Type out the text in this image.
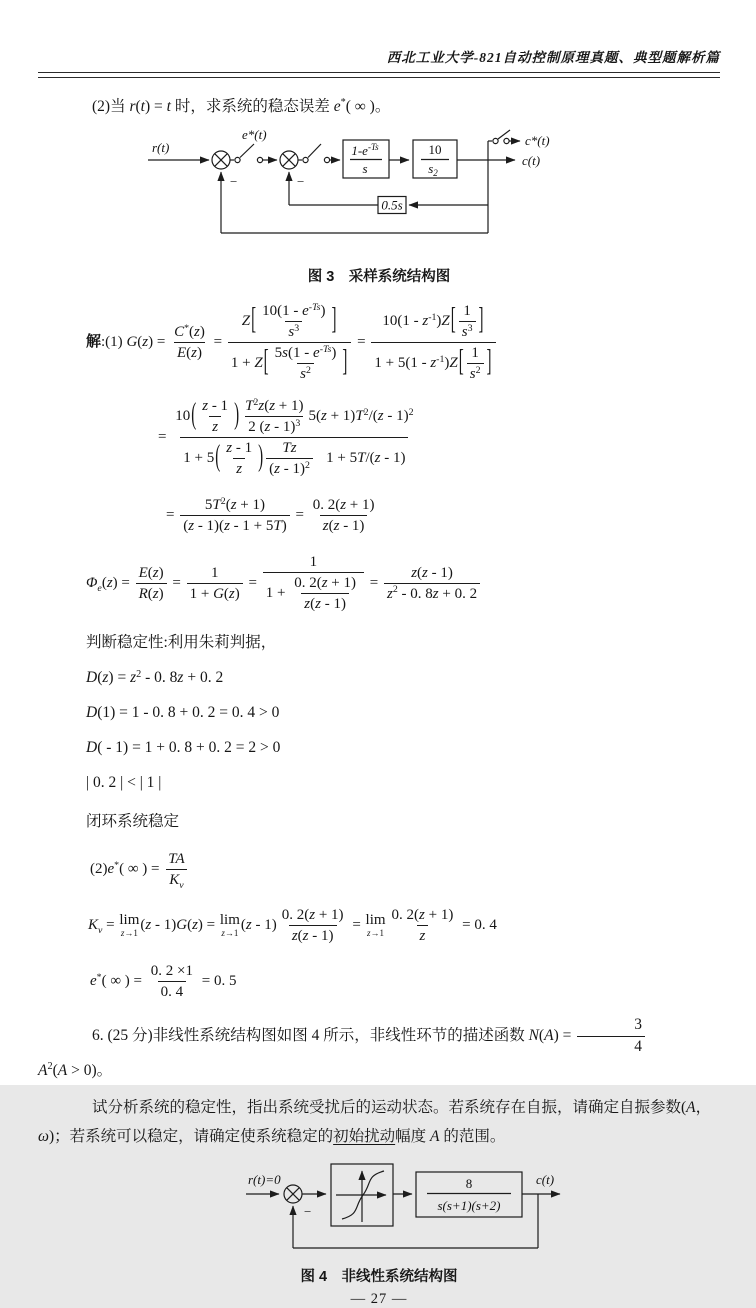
西北工业大学-821自动控制原理真题、典型题解析篇
(2)当 r(t) = t 时，求系统的稳态误差 e*( ∞ )。
r(t)
−
e*(t)
−
$1-e^{-Ts}$
s
10
$s_2$
c(t)
c*(t)
0.5s
图 3　采样系统结构图
解:(1) $G(z) = \frac{C^*(z)}{E(z)} = \frac{Z[ \frac{10(1 - e^{-Ts})}{s^3} ]}{1 + Z[ \frac{5s(1 - e^{-Ts})}{s^2} ]} = \frac{10(1 - z^{-1})Z[ \frac{1}{s^3} ]}{1 + 5(1 - z^{-1})Z[ \frac{1}{s^2} ]}$
= $\frac{10( \frac{z - 1}{z} ) \frac{T^2z(z + 1)}{2 (z - 1)^3} 5(z + 1)T^2/(z - 1)^2}{1 + 5( \frac{z - 1}{z} ) \frac{Tz}{(z - 1)^2} 1 + 5T/(z - 1)}$
= $\frac{5T^2(z + 1)}{(z - 1)(z - 1 + 5T)} = \frac{0. 2(z + 1)}{z(z - 1)}$
$\Phi_e(z) = \frac{E(z)}{R(z)} = \frac{1}{1 + G(z)} = \frac{1}{1 + \frac{0. 2(z + 1)}{z(z - 1)}} = \frac{z(z - 1)}{z^2 - 0. 8z + 0. 2}$
判断稳定性:利用朱莉判据，
$D(z) = z^2 - 0$. 8z + 0. 2
D(1) = 1 - 0. 8 + 0. 2 = 0. 4 > 0
D( - 1) = 1 + 0. 8 + 0. 2 = 2 > 0
| 0. 2 | < | 1 |
闭环系统稳定
(2)e*( ∞ ) = $\frac{TA}{K_v}$
$K_v = \lim$
z→1
(z - 1)G(z) = lim
z→1
$(z - 1) \frac{0. 2(z + 1)}{z(z - 1)} = \lim$
$z\to 1 \frac{0. 2(z + 1)}{z} = 0$. 4
e*( ∞ ) = $\frac{0. 2 \times 1}{0. 4} = 0$. 5
6. (25 分)非线性系统结构图如图 4 所示，非线性环节的描述函数 $N(A) = \frac{3}{4}$
$A^2(A > 0)$。
试分析系统的稳定性，指出系统受扰后的运动状态。若系统存在自振，请确定自振参数(A，ω)；若系统可以稳定，请确定使系统稳定的初始扰动幅度 A 的范围。
r(t)=0
−
8
s(s+1)(s+2)
c(t)
图 4　非线性系统结构图
— 27 —
